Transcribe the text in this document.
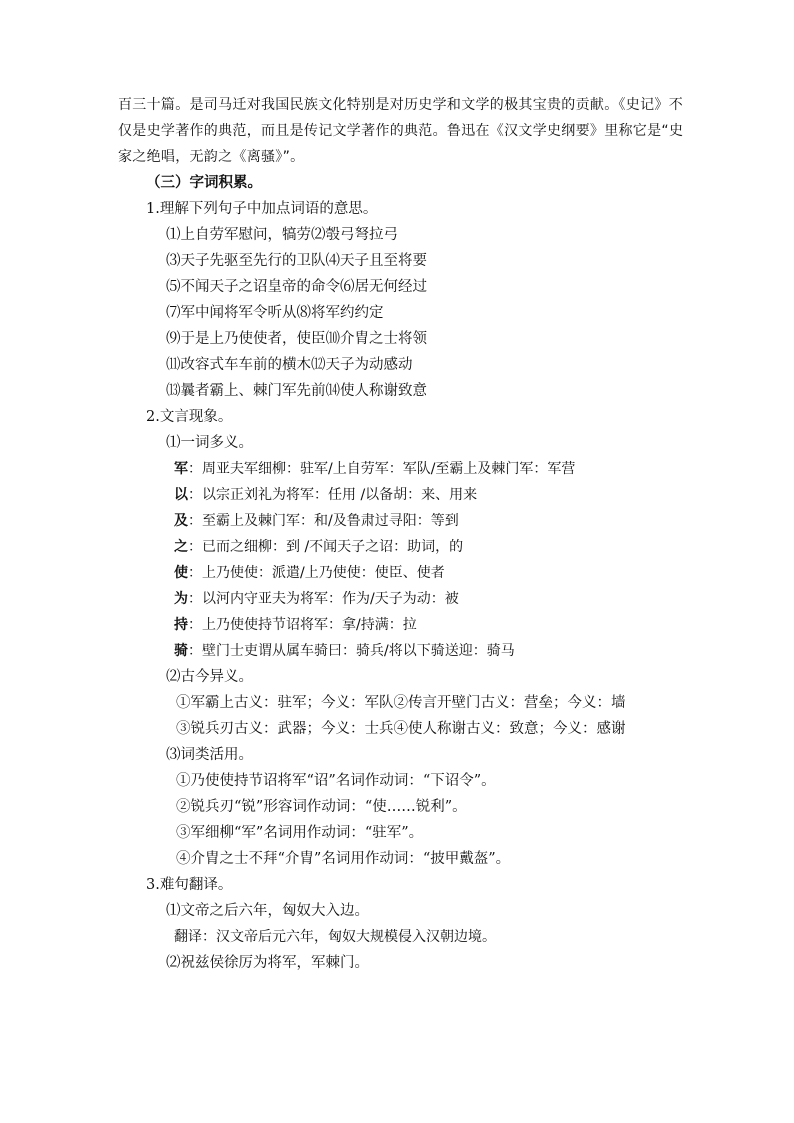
百三十篇。是司马迁对我国民族文化特别是对历史学和文学的极其宝贵的贡献。《史记》不
仅是史学著作的典范，而且是传记文学著作的典范。鲁迅在《汉文学史纲要》里称它是“史
家之绝唱，无韵之《离骚》”。
（三）字词积累。
1.理解下列句子中加点词语的意思。
⑴上自劳军慰问，犒劳⑵彀弓弩拉弓
⑶天子先驱至先行的卫队⑷天子且至将要
⑸不闻天子之诏皇帝的命令⑹居无何经过
⑺军中闻将军令听从⑻将军约约定
⑼于是上乃使使者，使臣⑽介胄之士将领
⑾改容式车车前的横木⑿天子为动感动
⒀曩者霸上、棘门军先前⒁使人称谢致意
2.文言现象。
⑴一词多义。
军：周亚夫军细柳：驻军/上自劳军：军队/至霸上及棘门军：军营
以：以宗正刘礼为将军：任用 /以备胡：来、用来
及：至霸上及棘门军：和/及鲁肃过寻阳：等到
之：已而之细柳：到 /不闻天子之诏：助词，的
使：上乃使使：派遣/上乃使使：使臣、使者
为：以河内守亚夫为将军：作为/天子为动：被
持：上乃使使持节诏将军：拿/持满：拉
骑：壁门士吏谓从属车骑曰：骑兵/将以下骑送迎：骑马
⑵古今异义。
①军霸上古义：驻军；今义：军队②传言开壁门古义：营垒；今义：墙
③锐兵刃古义：武器；今义：士兵④使人称谢古义：致意；今义：感谢
⑶词类活用。
①乃使使持节诏将军“诏”名词作动词：“下诏令”。
②锐兵刃“锐”形容词作动词：“使……锐利”。
③军细柳“军”名词用作动词：“驻军”。
④介胄之士不拜“介胄”名词用作动词：“披甲戴盔”。
3.难句翻译。
⑴文帝之后六年，匈奴大入边。
翻译：汉文帝后元六年，匈奴大规模侵入汉朝边境。
⑵祝兹侯徐厉为将军，军棘门。
